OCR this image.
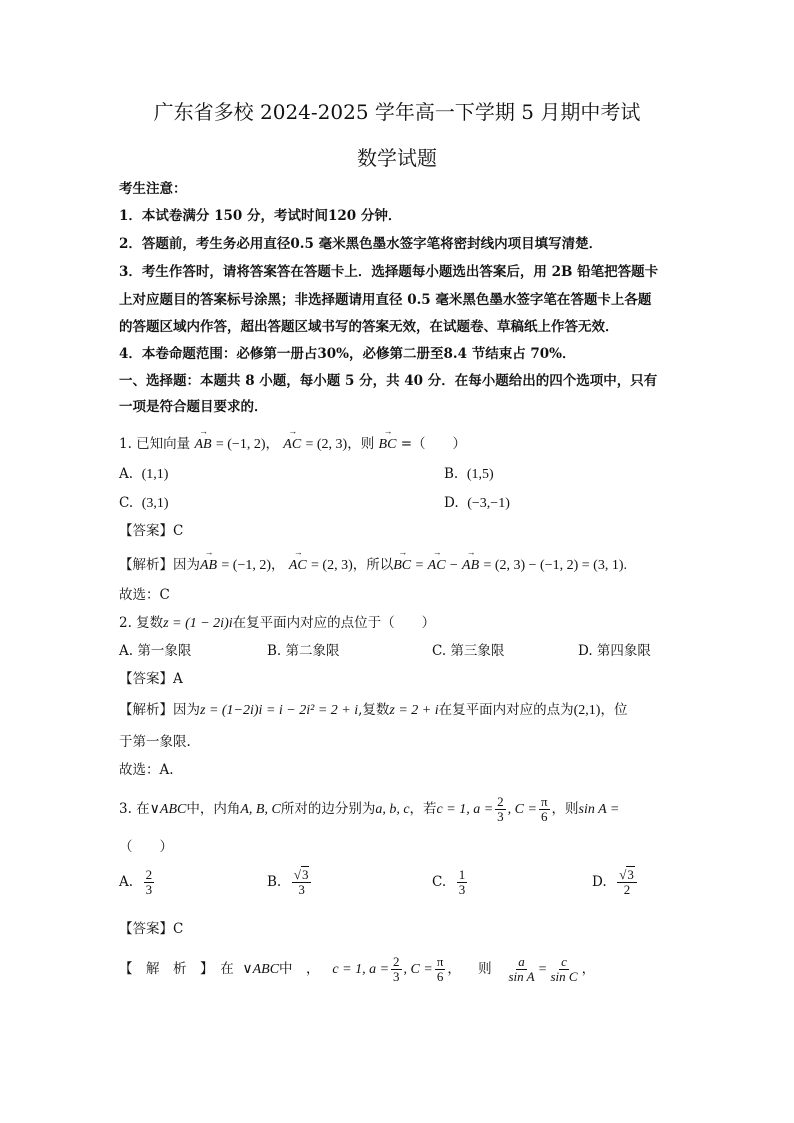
广东省多校 2024-2025 学年高一下学期 5 月期中考试
数学试题
考生注意：
1．本试卷满分 150 分，考试时间120 分钟．
2．答题前，考生务必用直径0.5 毫米黑色墨水签字笔将密封线内项目填写清楚．
3．考生作答时，请将答案答在答题卡上．选择题每小题选出答案后，用 2B 铅笔把答题卡
上对应题目的答案标号涂黑；非选择题请用直径 0.5 毫米黑色墨水签字笔在答题卡上各题
的答题区域内作答，超出答题区域书写的答案无效，在试题卷、草稿纸上作答无效．
4．本卷命题范围：必修第一册占30%，必修第二册至8.4 节结束占 70%．
一、选择题：本题共 8 小题，每小题 5 分，共 40 分．在每小题给出的四个选项中，只有
一项是符合题目要求的．
1. 已知向量 → AB = (−1, 2)， → AC = (2, 3)，则 → BC =（　　）
A. (1,1)	B. (1,5)
C. (3,1)	D. (−3,−1)
【答案】C
【解析】因为→ AB = (−1, 2)， → AC = (2, 3)，所以→ BC = → AC − → AB = (2, 3) − (−1, 2) = (3, 1).
故选：C
2. 复数z = (1 − 2i)i在复平面内对应的点位于（　　）
A. 第一象限	B. 第二象限	C. 第三象限	D. 第四象限
【答案】A
【解析】因为z = (1−2i)i = i − 2i² = 2 + i,复数z = 2 + i在复平面内对应的点为(2,1)，位
于第一象限.
故选：A.
3. 在∨ABC中，内角A, B, C所对的边分别为a, b, c，若c = 1, $a = \frac{2}{3}$ , $C = \frac{\pi}{6}$ ，则sin A =
（　　）
A. $\frac{2}{3}$	B. $\frac{√3}{3}$	C. $\frac{1}{3}$	D. $\frac{√3}{2}$
【答案】C
【　解　析　】　在 ∨ABC中　， c = 1, $a = \frac{2}{3}$ , $C = \frac{\pi}{6}$ ， 则 $\frac{a}{\text{sin A}} = \frac{c}{\text{sin C}}$ ，
